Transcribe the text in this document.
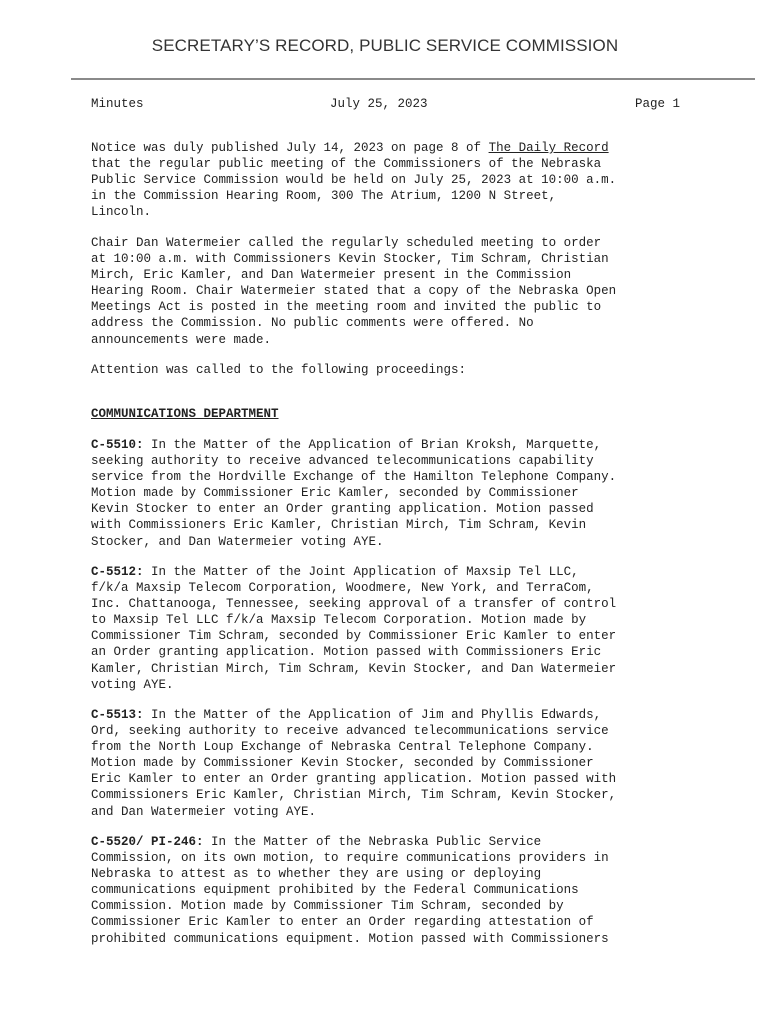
SECRETARY’S RECORD, PUBLIC SERVICE COMMISSION
Minutes	July 25, 2023	Page 1
Notice was duly published July 14, 2023 on page 8 of The Daily Record
that the regular public meeting of the Commissioners of the Nebraska
Public Service Commission would be held on July 25, 2023 at 10:00 a.m.
in the Commission Hearing Room, 300 The Atrium, 1200 N Street,
Lincoln.
Chair Dan Watermeier called the regularly scheduled meeting to order
at 10:00 a.m. with Commissioners Kevin Stocker, Tim Schram, Christian
Mirch, Eric Kamler, and Dan Watermeier present in the Commission
Hearing Room. Chair Watermeier stated that a copy of the Nebraska Open
Meetings Act is posted in the meeting room and invited the public to
address the Commission. No public comments were offered. No
announcements were made.
Attention was called to the following proceedings:
COMMUNICATIONS DEPARTMENT
C-5510: In the Matter of the Application of Brian Kroksh, Marquette,
seeking authority to receive advanced telecommunications capability
service from the Hordville Exchange of the Hamilton Telephone Company.
Motion made by Commissioner Eric Kamler, seconded by Commissioner
Kevin Stocker to enter an Order granting application. Motion passed
with Commissioners Eric Kamler, Christian Mirch, Tim Schram, Kevin
Stocker, and Dan Watermeier voting AYE.
C-5512: In the Matter of the Joint Application of Maxsip Tel LLC,
f/k/a Maxsip Telecom Corporation, Woodmere, New York, and TerraCom,
Inc. Chattanooga, Tennessee, seeking approval of a transfer of control
to Maxsip Tel LLC f/k/a Maxsip Telecom Corporation. Motion made by
Commissioner Tim Schram, seconded by Commissioner Eric Kamler to enter
an Order granting application. Motion passed with Commissioners Eric
Kamler, Christian Mirch, Tim Schram, Kevin Stocker, and Dan Watermeier
voting AYE.
C-5513: In the Matter of the Application of Jim and Phyllis Edwards,
Ord, seeking authority to receive advanced telecommunications service
from the North Loup Exchange of Nebraska Central Telephone Company.
Motion made by Commissioner Kevin Stocker, seconded by Commissioner
Eric Kamler to enter an Order granting application. Motion passed with
Commissioners Eric Kamler, Christian Mirch, Tim Schram, Kevin Stocker,
and Dan Watermeier voting AYE.
C-5520/ PI-246: In the Matter of the Nebraska Public Service
Commission, on its own motion, to require communications providers in
Nebraska to attest as to whether they are using or deploying
communications equipment prohibited by the Federal Communications
Commission. Motion made by Commissioner Tim Schram, seconded by
Commissioner Eric Kamler to enter an Order regarding attestation of
prohibited communications equipment. Motion passed with Commissioners
